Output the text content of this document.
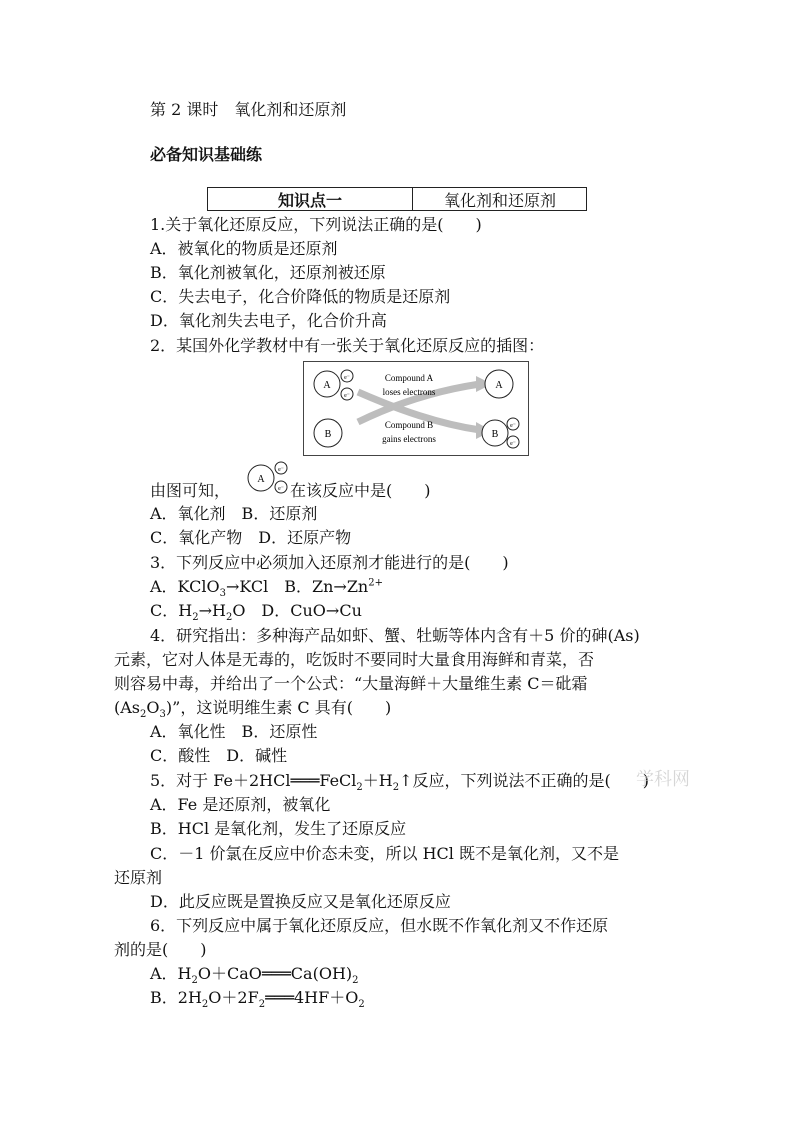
第 2 课时　氧化剂和还原剂
必备知识基础练
知识点一	氧化剂和还原剂
1.关于氧化还原反应，下列说法正确的是(　　)
A．被氧化的物质是还原剂
B．氧化剂被氧化，还原剂被还原
C．失去电子，化合价降低的物质是还原剂
D．氧化剂失去电子，化合价升高
2．某国外化学教材中有一张关于氧化还原反应的插图：
A
e⁻
e⁻
B
A
B
e⁻
e⁻
Compound A
loses electrons
Compound B
gains electrons
由图可知，
A
e⁻
e⁻ 在该反应中是(　　)
A．氧化剂　B．还原剂
C．氧化产物　D．还原产物
3．下列反应中必须加入还原剂才能进行的是(　　)
A．KClO$_3$→KCl　B．$Zn\to Zn^{2+}$
C．$H_2\to H_2O$　D．CuO→Cu
4．研究指出：多种海产品如虾、蟹、牡蛎等体内含有＋5 价的砷(As)
元素，它对人体是无毒的，吃饭时不要同时大量食用海鲜和青菜，否
则容易中毒，并给出了一个公式：“大量海鲜＋大量维生素 C＝砒霜
$(As_2O_3)$”，这说明维生素 C 具有(　　)
A．氧化性　B．还原性
C．酸性　D．碱性
5．对于 $Fe+2HCl═══FeCl_2+H_2↑$反应，下列说法不正确的是(　　)
A．Fe 是还原剂，被氧化
B．HCl 是氧化剂，发生了还原反应
C．－1 价氯在反应中价态未变，所以 HCl 既不是氧化剂，又不是
还原剂
D．此反应既是置换反应又是氧化还原反应
6．下列反应中属于氧化还原反应，但水既不作氧化剂又不作还原
剂的是(　　)
A．$H_2O+CaO═══Ca(OH)_2$
B．$2H_2O+2F_2═══4HF+O_2$
学科网
